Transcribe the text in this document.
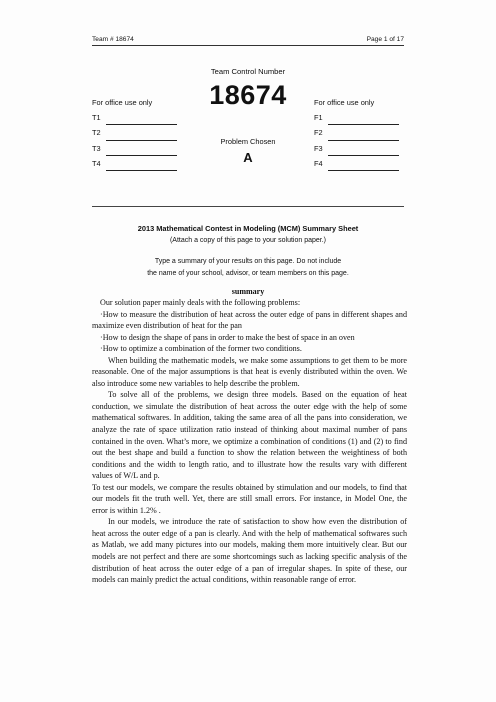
Team # 18674	Page 1 of 17
Team Control Number
For office use only
T1
T2
T3
T4
18674	For office use only
F1
F2
F3
F4
Problem Chosen
A
2013 Mathematical Contest in Modeling (MCM) Summary Sheet
(Attach a copy of this page to your solution paper.)
Type a summary of your results on this page. Do not include
the name of your school, advisor, or team members on this page.
summary

Our solution paper mainly deals with the following problems:

·How to measure the distribution of heat across the outer edge of pans in different shapes and maximize even distribution of heat for the pan

·How to design the shape of pans in order to make the best of space in an oven

·How to optimize a combination of the former two conditions.

When building the mathematic models, we make some assumptions to get them to be more reasonable. One of the major assumptions is that heat is evenly distributed within the oven. We also introduce some new variables to help describe the problem.

To solve all of the problems, we design three models. Based on the equation of heat conduction, we simulate the distribution of heat across the outer edge with the help of some mathematical softwares. In addition, taking the same area of all the pans into consideration, we analyze the rate of space utilization ratio instead of thinking about maximal number of pans contained in the oven. What’s more, we optimize a combination of conditions (1) and (2) to find out the best shape and build a function to show the relation between the weightiness of both conditions and the width to length ratio, and to illustrate how the results vary with different values of W/L and p.

To test our models, we compare the results obtained by stimulation and our models, to find that our models fit the truth well. Yet, there are still small errors. For instance, in Model One, the error is within 1.2% .

In our models, we introduce the rate of satisfaction to show how even the distribution of heat across the outer edge of a pan is clearly. And with the help of mathematical softwares such as Matlab, we add many pictures into our models, making them more intuitively clear. But our models are not perfect and there are some shortcomings such as lacking specific analysis of the distribution of heat across the outer edge of a pan of irregular shapes. In spite of these, our models can mainly predict the actual conditions, within reasonable range of error.
